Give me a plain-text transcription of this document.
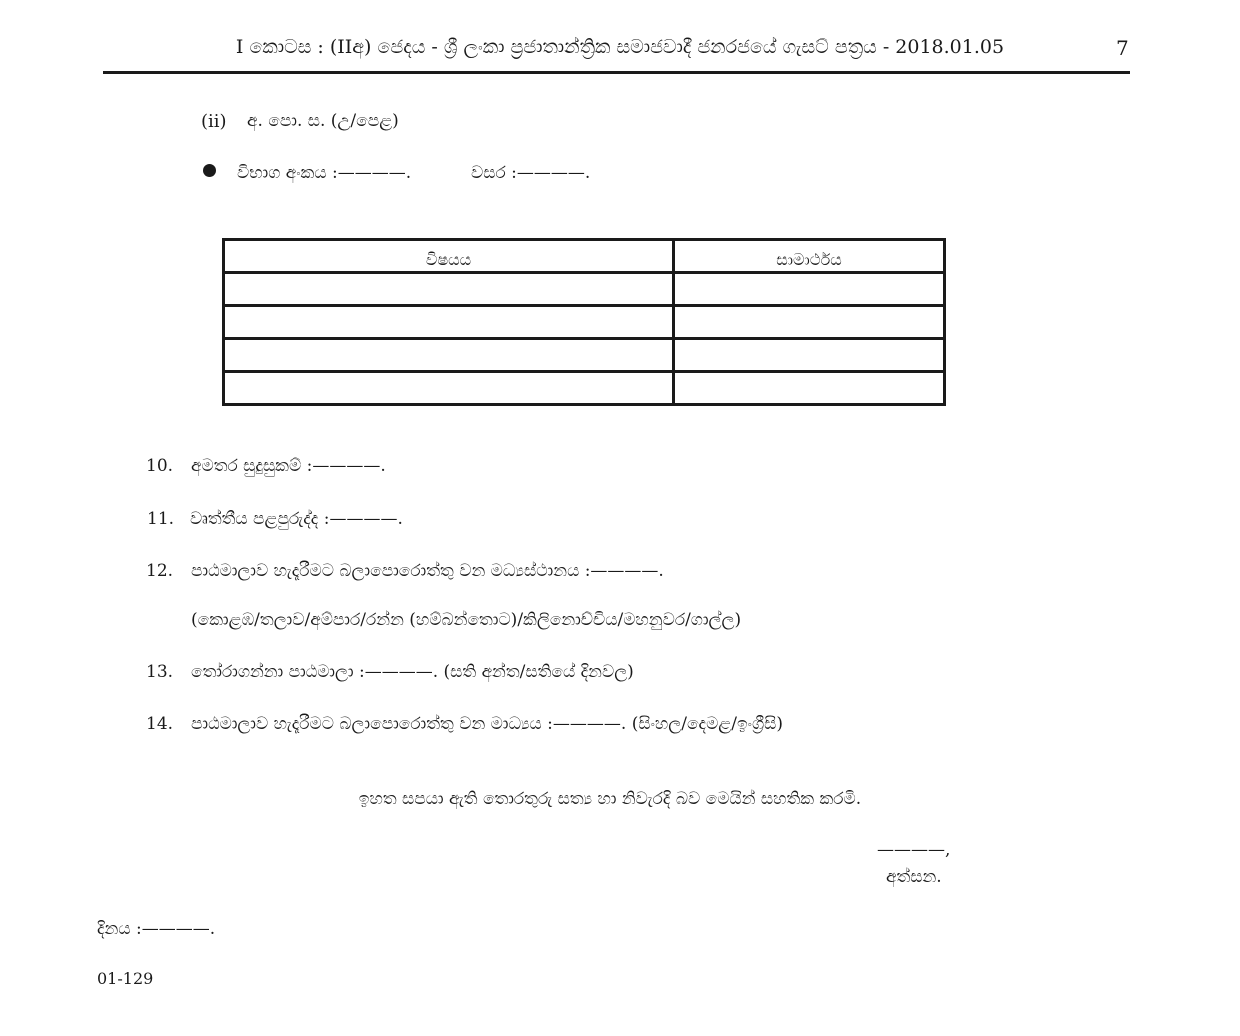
I කොටස : (IIඅ) ජෙදය - ශ්‍රී ලංකා ප්‍රජාතාන්ත්‍රික සමාජවාදී ජනරජයේ ගැසට් පත්‍රය - 2018.01.05	7
(ii) අ. පො. ස. (උ/පෙළ)
විභාග අංකය :————.	වසර :————.
විෂයය	සාමාර්ථය

10. අමතර සුදුසුකම් :————.
11. වෘත්තීය පළපුරුද්ද :————.
12. පාඨමාලාව හැදෑරීමට බලාපොරොත්තු වන මධ්‍යස්ථානය :————.
(කොළඹ/තලාව/අම්පාර/රන්න (හම්බන්තොට)/කිලිනොච්චිය/මහනුවර/ගාල්ල)
13. තෝරාගන්නා පාඨමාලා :————. (සති අන්ත/සතියේ දිනවල)
14. පාඨමාලාව හැදෑරීමට බලාපොරොත්තු වන මාධ්‍යය :————. (සිංහල/දෙමළ/ඉංග්‍රීසි)
ඉහත සපයා ඇති තොරතුරු සත්‍ය හා නිවැරදි බව මෙයින් සහතික කරමි.
————,
අත්සන.
දිනය :————.
01-129
